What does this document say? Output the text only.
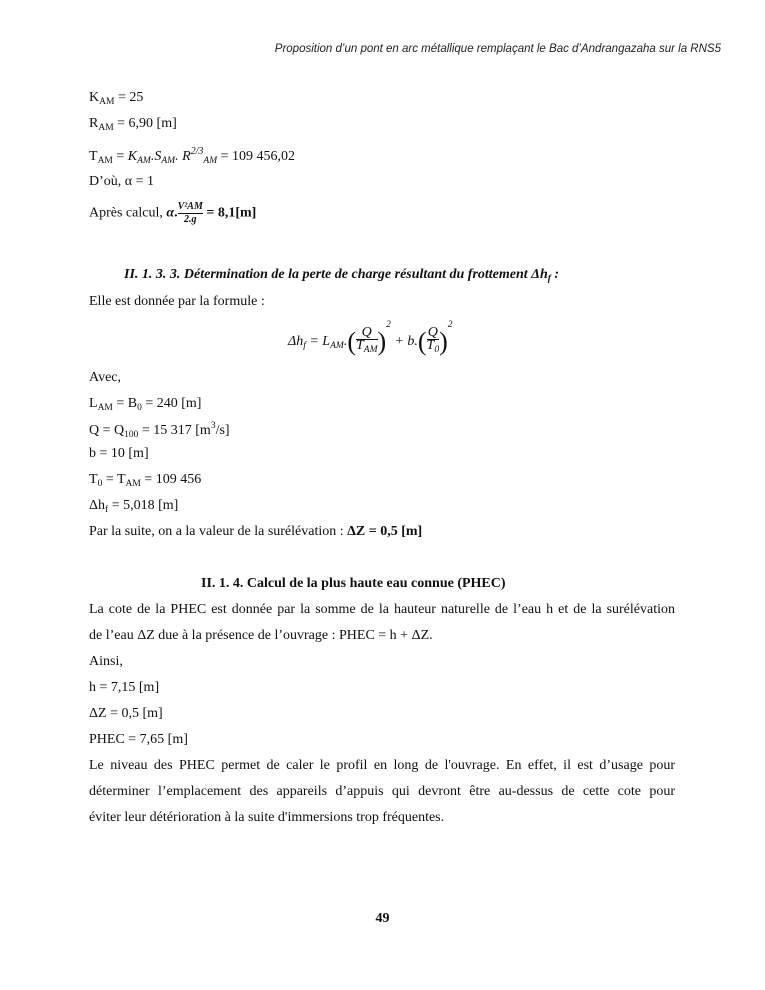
Proposition d’un pont en arc métallique remplaçant le Bac d’Andrangazaha sur la RNS5
$K_{AM} = 25$
$R_{AM} = 6,90$ [m]
$T_{AM} = K_{AM}.S_{AM}$. $R^{2/3}_{AM} = 109$ 456,02
D’où, α = 1
Après calcul, α. $\frac{\text{V²AM}}{2.g} = 8,1[m]$
II. 1. 3. 3. Détermination de la perte de charge résultant du frottement $\Delta h_f$ :
Elle est donnée par la formule :
$\Delta h_f = L_{AM}.( \frac{Q}{T_{AM}} )^2 + b.( \frac{Q}{T_0} )^2$
Avec,
$L_{AM} = B_0 = 240$ [m]
$Q = Q_{100} = 15$ 317 $[m^3/s]$
b = 10 [m]
$T_0 = T_{AM} = 109$ 456
$\Delta h_f = 5,018$ [m]
Par la suite, on a la valeur de la surélévation : ΔZ = 0,5 [m]
II. 1. 4. Calcul de la plus haute eau connue (PHEC)
La cote de la PHEC est donnée par la somme de la hauteur naturelle de l’eau h et de la surélévation
de l’eau ΔZ due à la présence de l’ouvrage : PHEC = h + ΔZ.
Ainsi,
h = 7,15 [m]
ΔZ = 0,5 [m]
PHEC = 7,65 [m]
Le niveau des PHEC permet de caler le profil en long de l'ouvrage. En effet, il est d’usage pour
déterminer l’emplacement des appareils d’appuis qui devront être au-dessus de cette cote pour
éviter leur détérioration à la suite d'immersions trop fréquentes.
49
